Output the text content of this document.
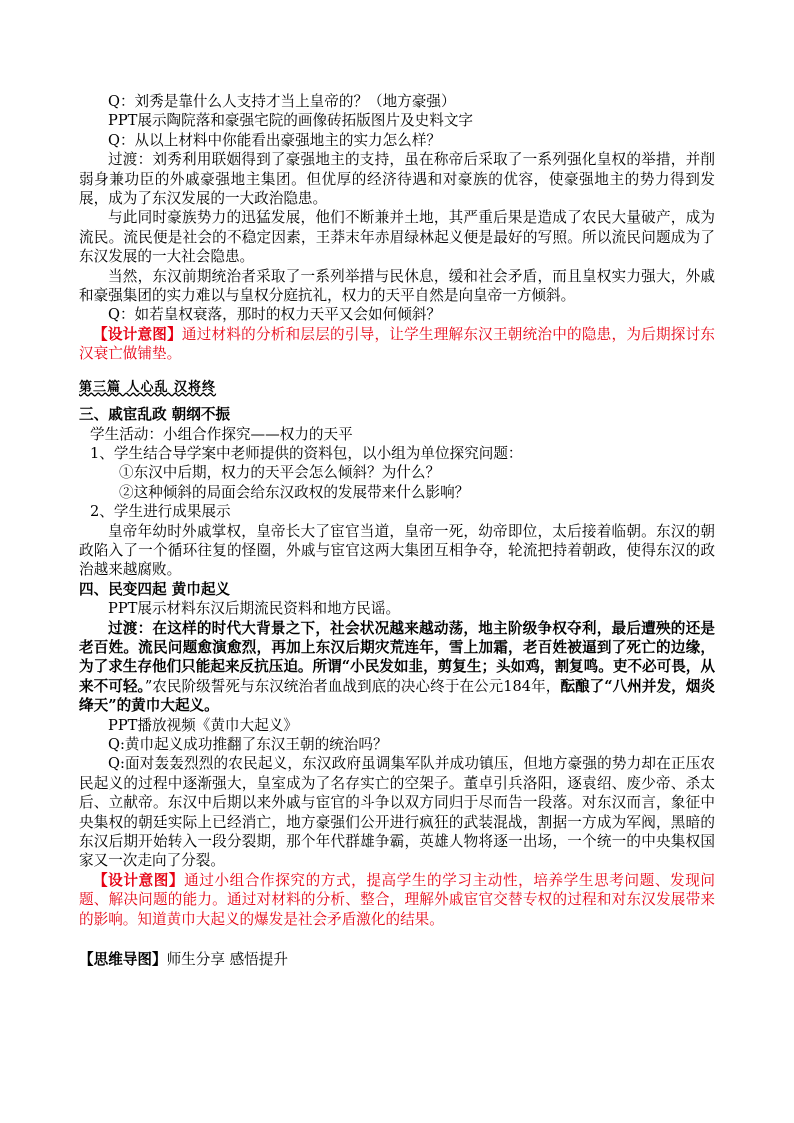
Q：刘秀是靠什么人支持才当上皇帝的？（地方豪强）

PPT展示陶院落和豪强宅院的画像砖拓版图片及史料文字

Q：从以上材料中你能看出豪强地主的实力怎么样？

过渡：刘秀利用联姻得到了豪强地主的支持，虽在称帝后采取了一系列强化皇权的举措，并削弱身兼功臣的外戚豪强地主集团。但优厚的经济待遇和对豪族的优容，使豪强地主的势力得到发展，成为了东汉发展的一大政治隐患。

与此同时豪族势力的迅猛发展，他们不断兼并土地，其严重后果是造成了农民大量破产，成为流民。流民便是社会的不稳定因素，王莽末年赤眉绿林起义便是最好的写照。所以流民问题成为了东汉发展的一大社会隐患。

当然，东汉前期统治者采取了一系列举措与民休息，缓和社会矛盾，而且皇权实力强大，外戚和豪强集团的实力难以与皇权分庭抗礼，权力的天平自然是向皇帝一方倾斜。

Q：如若皇权衰落，那时的权力天平又会如何倾斜？

【设计意图】通过材料的分析和层层的引导，让学生理解东汉王朝统治中的隐患，为后期探讨东汉衰亡做铺垫。

第三篇 人心乱 汉将终

三、戚宦乱政 朝纲不振

学生活动：小组合作探究——权力的天平

1、学生结合导学案中老师提供的资料包，以小组为单位探究问题：

①东汉中后期，权力的天平会怎么倾斜？为什么？

②这种倾斜的局面会给东汉政权的发展带来什么影响？

2、学生进行成果展示

皇帝年幼时外戚掌权，皇帝长大了宦官当道，皇帝一死，幼帝即位，太后接着临朝。东汉的朝政陷入了一个循环往复的怪圈，外戚与宦官这两大集团互相争夺，轮流把持着朝政，使得东汉的政治越来越腐败。

四、民变四起 黄巾起义

PPT展示材料东汉后期流民资料和地方民谣。

过渡：在这样的时代大背景之下，社会状况越来越动荡，地主阶级争权夺利，最后遭殃的还是老百姓。流民问题愈演愈烈，再加上东汉后期灾荒连年，雪上加霜，老百姓被逼到了死亡的边缘，为了求生存他们只能起来反抗压迫。所谓“小民发如韭，剪复生；头如鸡，割复鸣。吏不必可畏，从来不可轻。”农民阶级誓死与东汉统治者血战到底的决心终于在公元184年，酝酿了“八州并发，烟炎绛天”的黄巾大起义。

PPT播放视频《黄巾大起义》

Q:黄巾起义成功推翻了东汉王朝的统治吗？

Q:面对轰轰烈烈的农民起义，东汉政府虽调集军队并成功镇压，但地方豪强的势力却在正压农民起义的过程中逐渐强大，皇室成为了名存实亡的空架子。董卓引兵洛阳，逐袁绍、废少帝、杀太后、立献帝。东汉中后期以来外戚与宦官的斗争以双方同归于尽而告一段落。对东汉而言，象征中央集权的朝廷实际上已经消亡，地方豪强们公开进行疯狂的武装混战，割据一方成为军阀，黑暗的东汉后期开始转入一段分裂期，那个年代群雄争霸，英雄人物将逐一出场，一个统一的中央集权国家又一次走向了分裂。

【设计意图】通过小组合作探究的方式，提高学生的学习主动性，培养学生思考问题、发现问题、解决问题的能力。通过对材料的分析、整合，理解外戚宦官交替专权的过程和对东汉发展带来的影响。知道黄巾大起义的爆发是社会矛盾激化的结果。

【思维导图】师生分享 感悟提升
